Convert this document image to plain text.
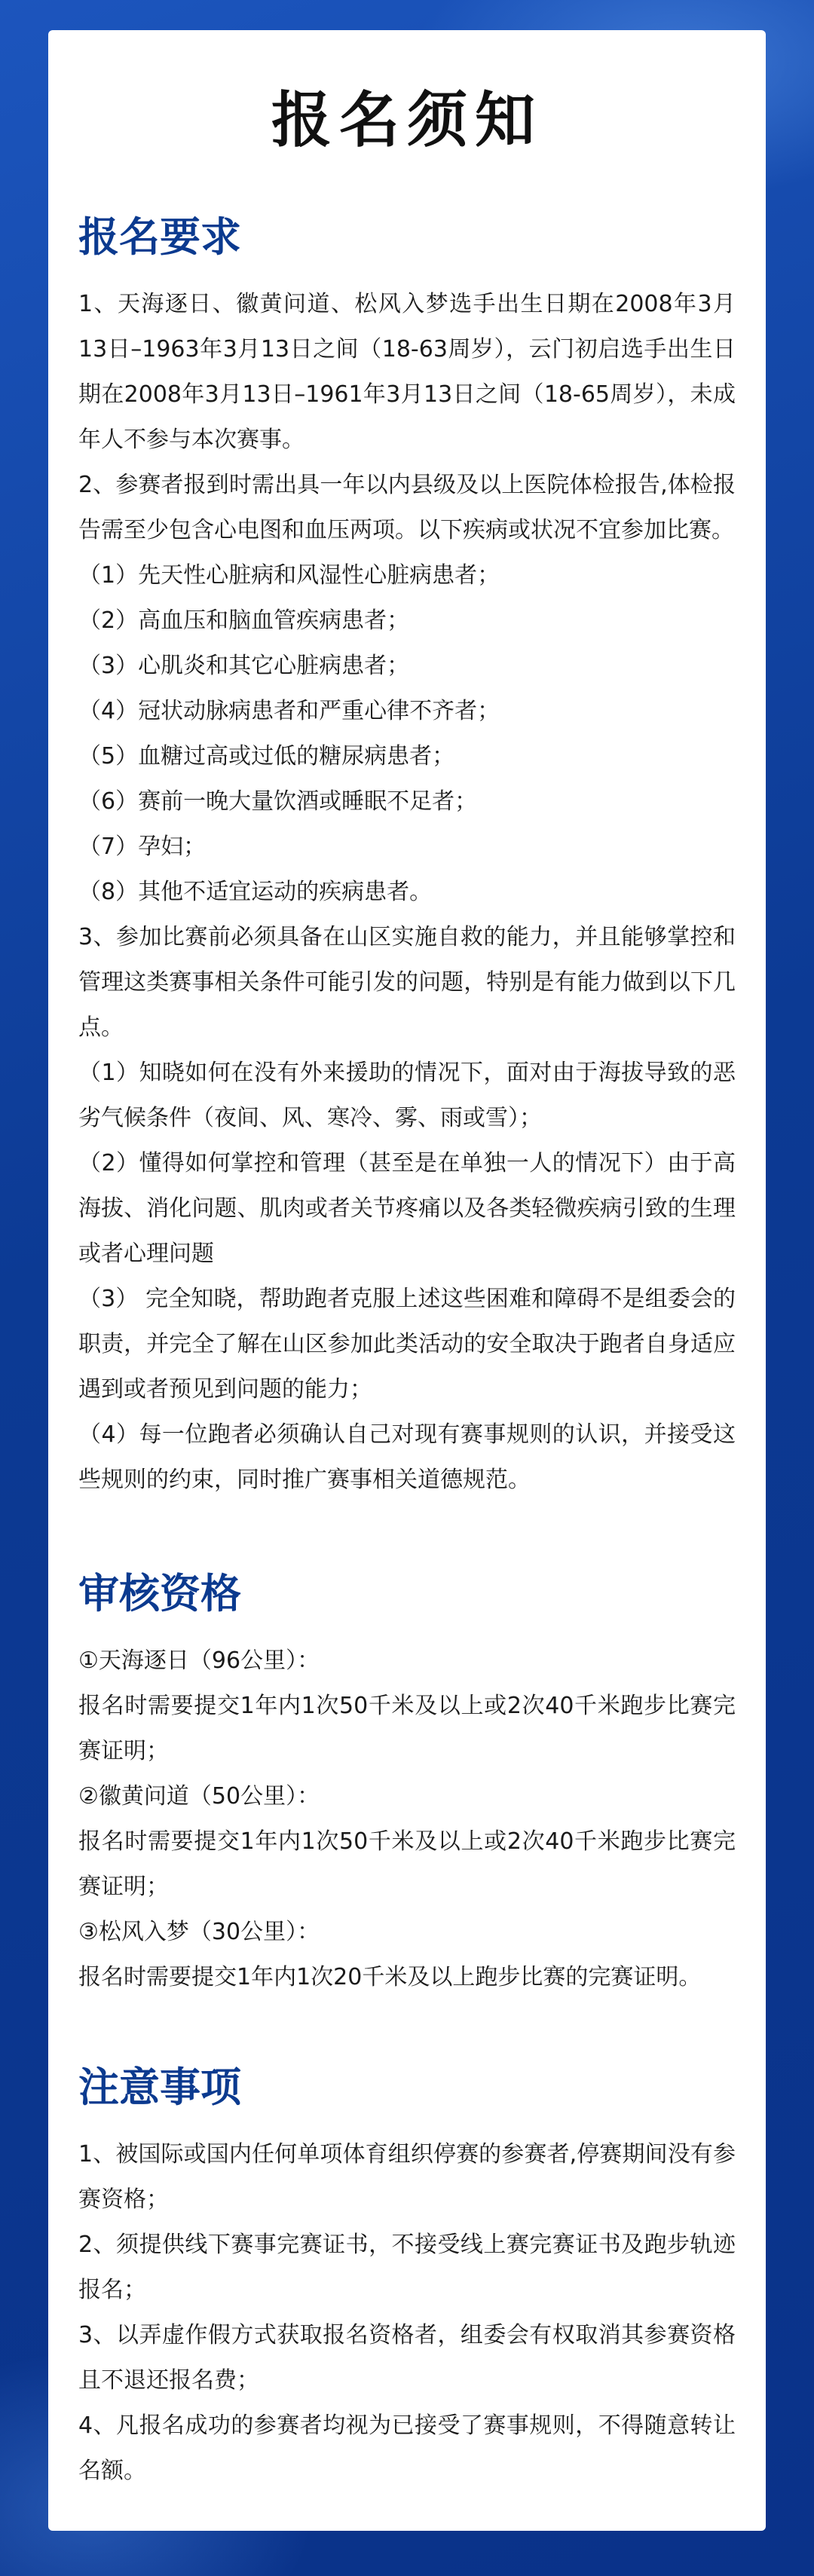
报名须知
报名要求

1、天海逐日、徽黄问道、松风入梦选手出生日期在2008年3月13日–1963年3月13日之间（18-63周岁），云门初启选手出生日期在2008年3月13日–1961年3月13日之间（18-65周岁），未成年人不参与本次赛事。

2、参赛者报到时需出具一年以内县级及以上医院体检报告,体检报告需至少包含心电图和血压两项。以下疾病或状况不宜参加比赛。

（1）先天性心脏病和风湿性心脏病患者；

（2）高血压和脑血管疾病患者；

（3）心肌炎和其它心脏病患者；

（4）冠状动脉病患者和严重心律不齐者；

（5）血糖过高或过低的糖尿病患者；

（6）赛前一晚大量饮酒或睡眠不足者；

（7）孕妇；

（8）其他不适宜运动的疾病患者。

3、参加比赛前必须具备在山区实施自救的能力，并且能够掌控和管理这类赛事相关条件可能引发的问题，特别是有能力做到以下几点。

（1）知晓如何在没有外来援助的情况下，面对由于海拔导致的恶劣气候条件（夜间、风、寒冷、雾、雨或雪）；

（2）懂得如何掌控和管理（甚至是在单独一人的情况下）由于高海拔、消化问题、肌肉或者关节疼痛以及各类轻微疾病引致的生理或者心理问题

（3） 完全知晓，帮助跑者克服上述这些困难和障碍不是组委会的职责，并完全了解在山区参加此类活动的安全取决于跑者自身适应遇到或者预见到问题的能力；

（4）每一位跑者必须确认自己对现有赛事规则的认识，并接受这些规则的约束，同时推广赛事相关道德规范。

审核资格

①天海逐日（96公里）：

报名时需要提交1年内1次50千米及以上或2次40千米跑步比赛完赛证明；

②徽黄问道（50公里）：

报名时需要提交1年内1次50千米及以上或2次40千米跑步比赛完赛证明；

③松风入梦（30公里）：

报名时需要提交1年内1次20千米及以上跑步比赛的完赛证明。

注意事项

1、被国际或国内任何单项体育组织停赛的参赛者,停赛期间没有参赛资格；

2、须提供线下赛事完赛证书，不接受线上赛完赛证书及跑步轨迹报名；

3、以弄虚作假方式获取报名资格者，组委会有权取消其参赛资格且不退还报名费；

4、凡报名成功的参赛者均视为已接受了赛事规则，不得随意转让名额。
